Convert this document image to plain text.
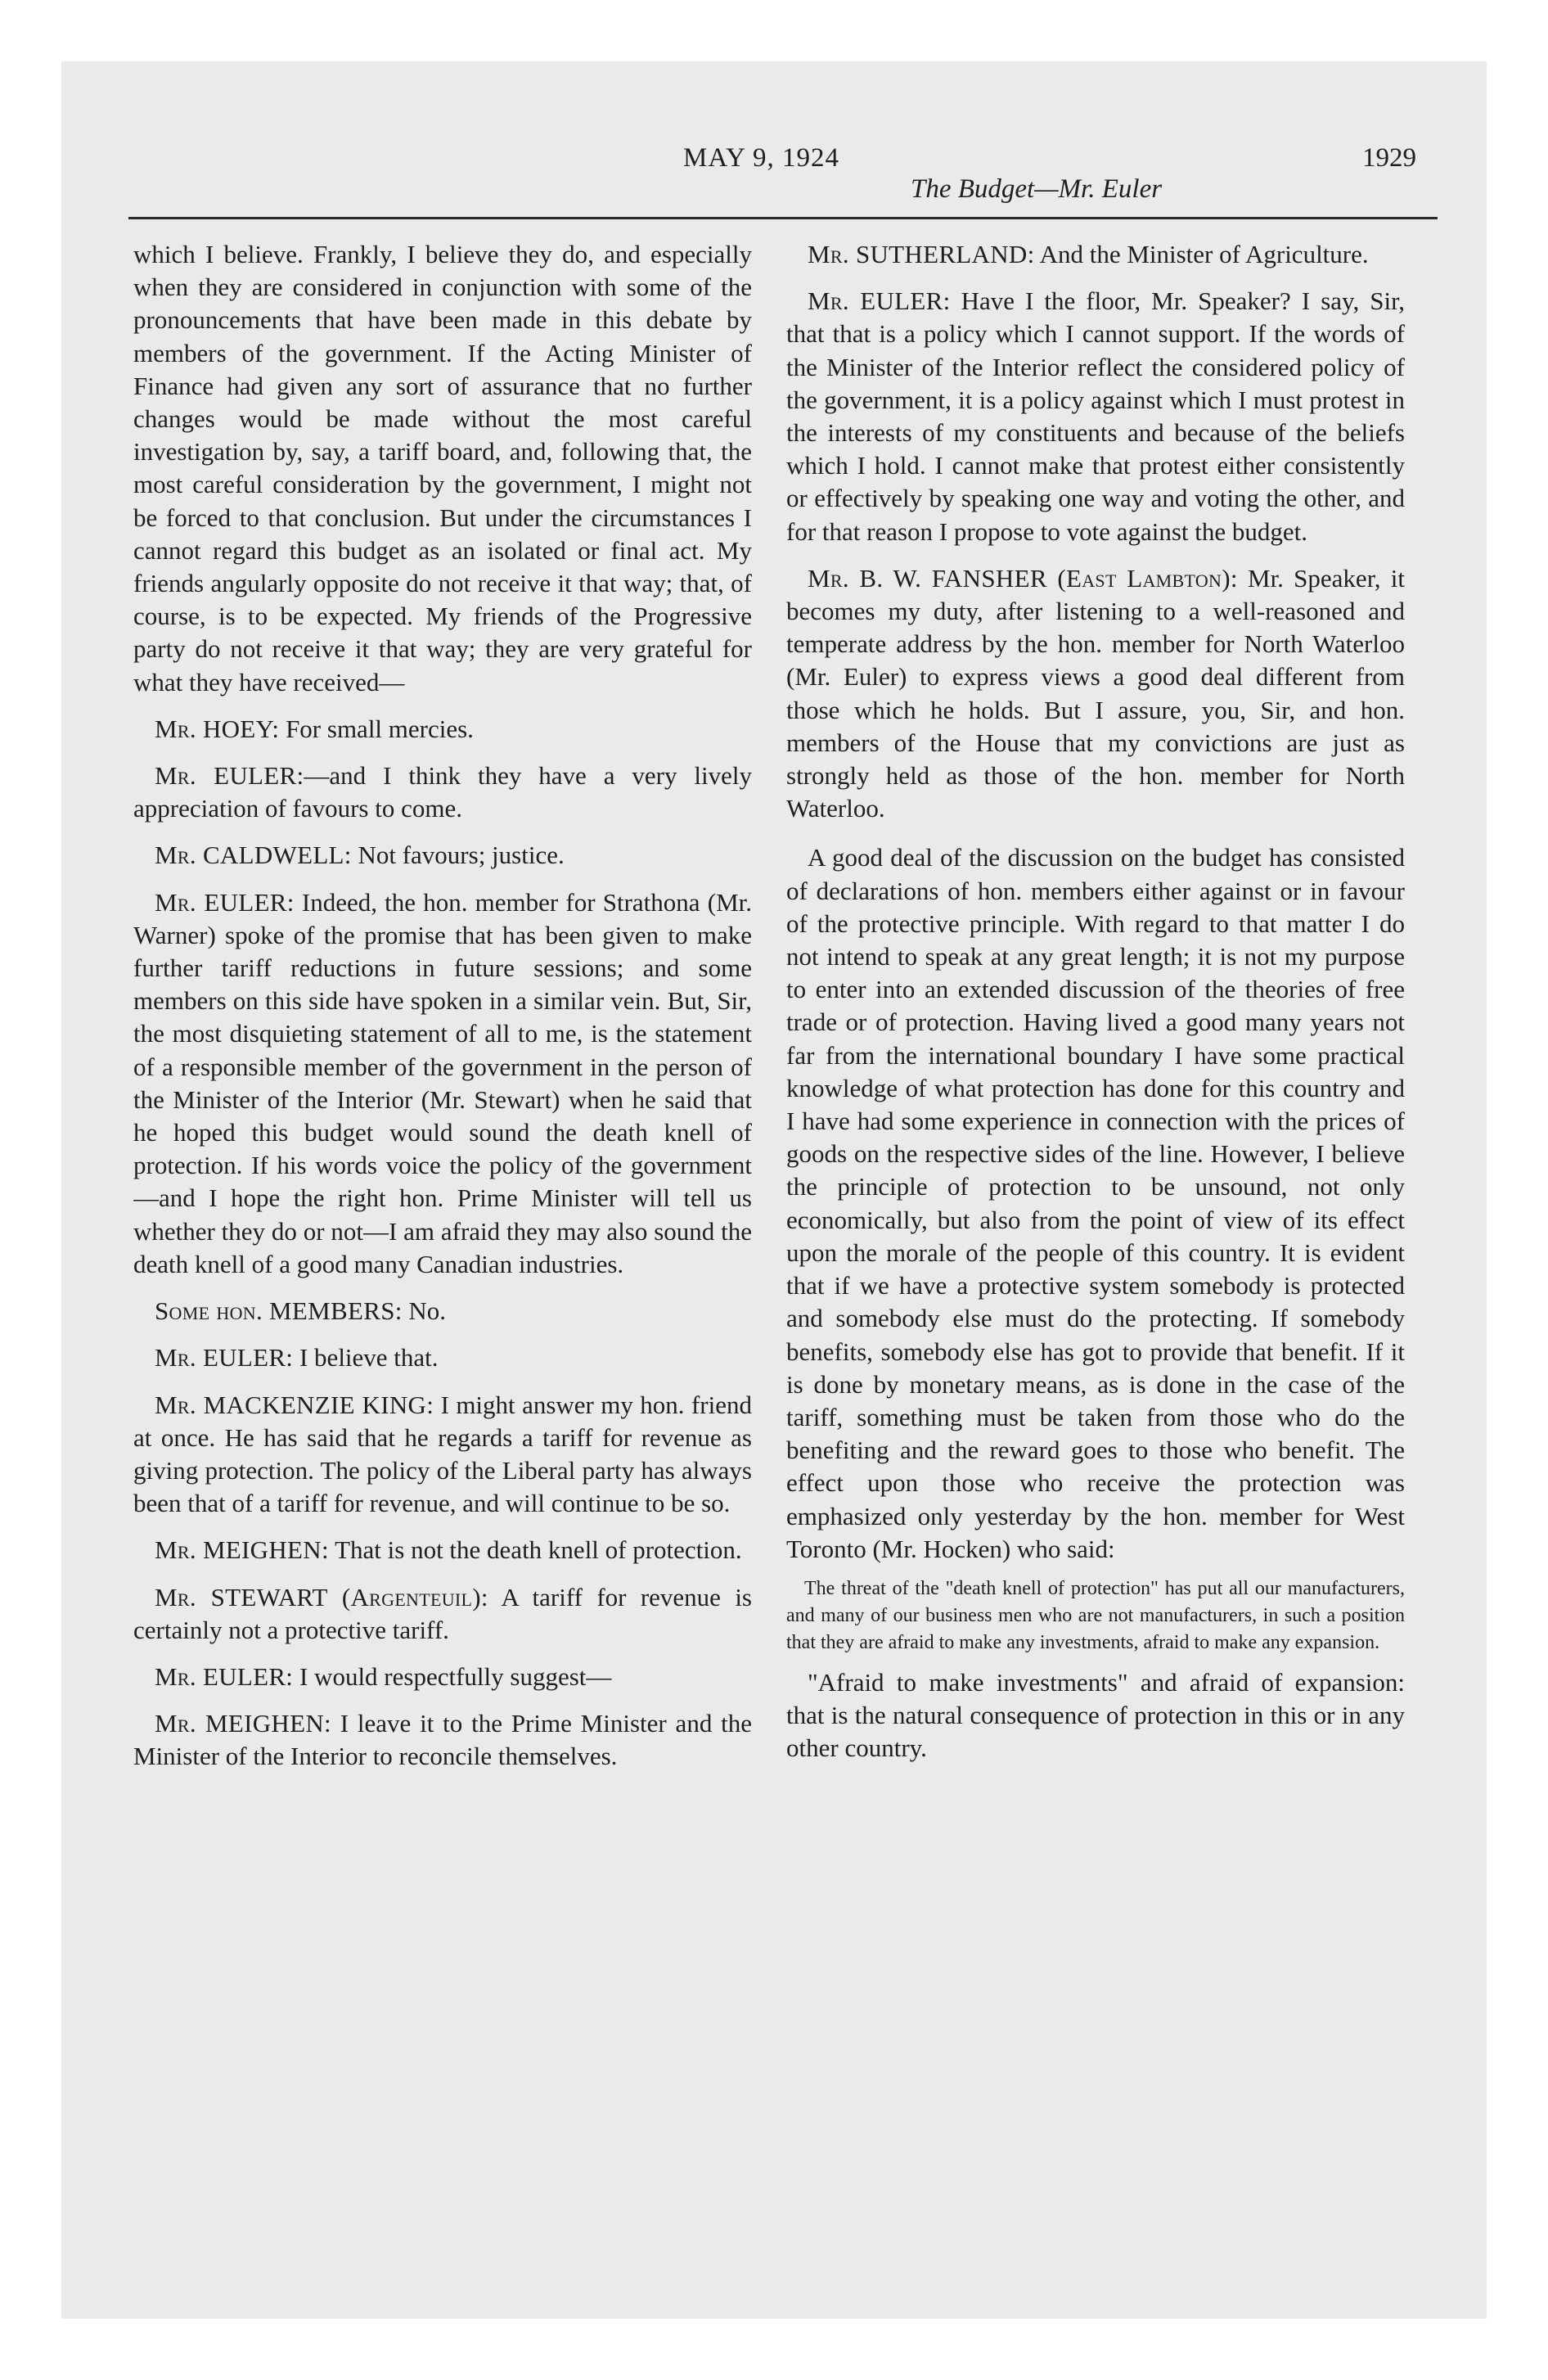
MAY 9, 1924
The Budget—Mr. Euler
1929

which I believe. Frankly, I believe they do, and especially when they are considered in conjunction with some of the pronouncements that have been made in this debate by members of the government. If the Acting Minister of Finance had given any sort of assurance that no further changes would be made without the most careful investigation by, say, a tariff board, and, following that, the most careful consideration by the government, I might not be forced to that conclusion. But under the circumstances I cannot regard this budget as an isolated or final act. My friends angularly opposite do not receive it that way; that, of course, is to be expected. My friends of the Progressive party do not receive it that way; they are very grateful for what they have received—

Mr. HOEY: For small mercies.

Mr. EULER:—and I think they have a very lively appreciation of favours to come.

Mr. CALDWELL: Not favours; justice.

Mr. EULER: Indeed, the hon. member for Strathona (Mr. Warner) spoke of the promise that has been given to make further tariff reductions in future sessions; and some members on this side have spoken in a similar vein. But, Sir, the most disquieting statement of all to me, is the statement of a responsible member of the government in the person of the Minister of the Interior (Mr. Stewart) when he said that he hoped this budget would sound the death knell of protection. If his words voice the policy of the government—and I hope the right hon. Prime Minister will tell us whether they do or not—I am afraid they may also sound the death knell of a good many Canadian industries.

Some hon. MEMBERS: No.

Mr. EULER: I believe that.

Mr. MACKENZIE KING: I might answer my hon. friend at once. He has said that he regards a tariff for revenue as giving protection. The policy of the Liberal party has always been that of a tariff for revenue, and will continue to be so.

Mr. MEIGHEN: That is not the death knell of protection.

Mr. STEWART (Argenteuil): A tariff for revenue is certainly not a protective tariff.

Mr. EULER: I would respectfully suggest—

Mr. MEIGHEN: I leave it to the Prime Minister and the Minister of the Interior to reconcile themselves.

Mr. SUTHERLAND: And the Minister of Agriculture.

Mr. EULER: Have I the floor, Mr. Speaker? I say, Sir, that that is a policy which I cannot support. If the words of the Minister of the Interior reflect the considered policy of the government, it is a policy against which I must protest in the interests of my constituents and because of the beliefs which I hold. I cannot make that protest either consistently or effectively by speaking one way and voting the other, and for that reason I propose to vote against the budget.

Mr. B. W. FANSHER (East Lambton): Mr. Speaker, it becomes my duty, after listening to a well-reasoned and temperate address by the hon. member for North Waterloo (Mr. Euler) to express views a good deal different from those which he holds. But I assure, you, Sir, and hon. members of the House that my convictions are just as strongly held as those of the hon. member for North Waterloo.

A good deal of the discussion on the budget has consisted of declarations of hon. members either against or in favour of the protective principle. With regard to that matter I do not intend to speak at any great length; it is not my purpose to enter into an extended discussion of the theories of free trade or of protection. Having lived a good many years not far from the international boundary I have some practical knowledge of what protection has done for this country and I have had some experience in connection with the prices of goods on the respective sides of the line. However, I believe the principle of protection to be unsound, not only economically, but also from the point of view of its effect upon the morale of the people of this country. It is evident that if we have a protective system somebody is protected and somebody else must do the protecting. If somebody benefits, somebody else has got to provide that benefit. If it is done by monetary means, as is done in the case of the tariff, something must be taken from those who do the benefiting and the reward goes to those who benefit. The effect upon those who receive the protection was emphasized only yesterday by the hon. member for West Toronto (Mr. Hocken) who said:

The threat of the "death knell of protection" has put all our manufacturers, and many of our business men who are not manufacturers, in such a position that they are afraid to make any investments, afraid to make any expansion.

"Afraid to make investments" and afraid of expansion: that is the natural consequence of protection in this or in any other country.
